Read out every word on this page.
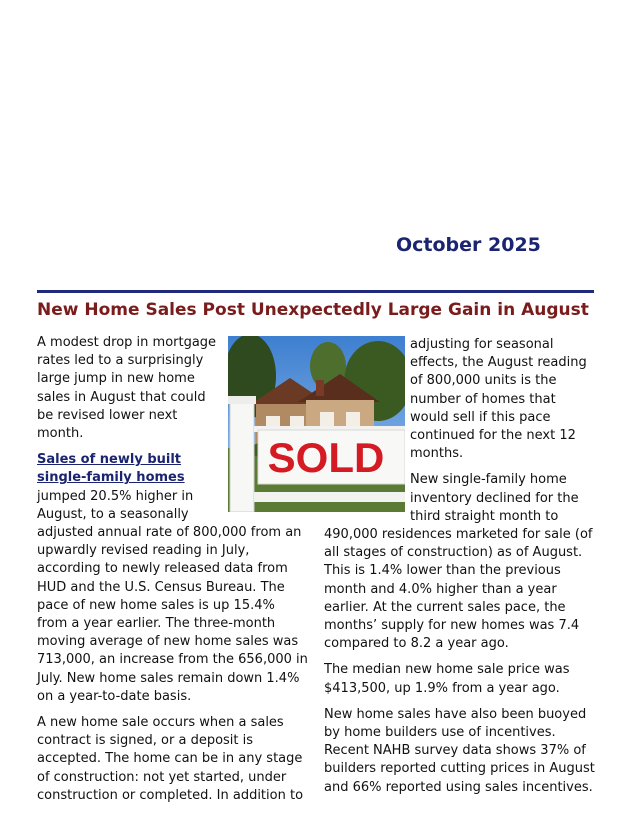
October 2025
New Home Sales Post Unexpectedly Large Gain in August

A modest drop in mortgage rates led to a surprisingly large jump in new home sales in August that could be revised lower next month.

Sales of newly built single-family homes jumped 20.5% higher in August, to a seasonally adjusted annual rate of 800,000 from an upwardly revised reading in July, according to newly released data from HUD and the U.S. Census Bureau. The pace of new home sales is up 15.4% from a year earlier. The three-month moving average of new home sales was 713,000, an increase from the 656,000 in July. New home sales remain down 1.4% on a year-to-date basis.

A new home sale occurs when a sales contract is signed, or a deposit is accepted. The home can be in any stage of construction: not yet started, under construction or completed. In addition to

adjusting for seasonal effects, the August reading of 800,000 units is the number of homes that would sell if this pace continued for the next 12 months.

New single-family home inventory declined for the third straight month to 490,000 residences marketed for sale (of all stages of construction) as of August. This is 1.4% lower than the previous month and 4.0% higher than a year earlier. At the current sales pace, the months’ supply for new homes was 7.4 compared to 8.2 a year ago.

The median new home sale price was $413,500, up 1.9% from a year ago.

New home sales have also been buoyed by home builders use of incentives. Recent NAHB survey data shows 37% of builders reported cutting prices in August and 66% reported using sales incentives.

SOLD
